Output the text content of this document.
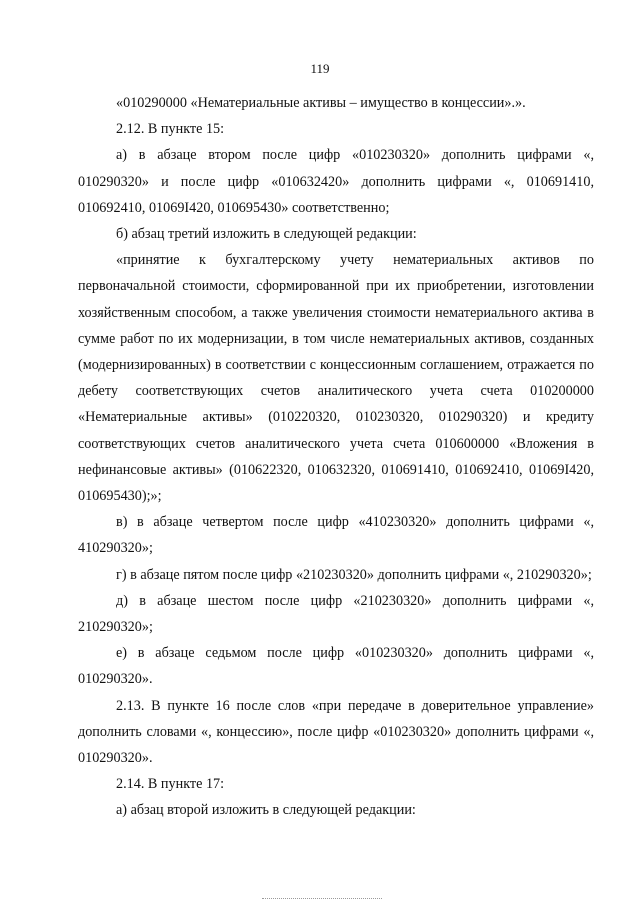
119

«010290000 «Нематериальные активы – имущество в концессии».».

2.12. В пункте 15:

а) в абзаце втором после цифр «010230320» дополнить цифрами «, 010290320» и после цифр «010632420» дополнить цифрами «, 010691410, 010692410, 01069I420, 010695430» соответственно;

б) абзац третий изложить в следующей редакции:

«принятие к бухгалтерскому учету нематериальных активов по первоначальной стоимости, сформированной при их приобретении, изготовлении хозяйственным способом, а также увеличения стоимости нематериального актива в сумме работ по их модернизации, в том числе нематериальных активов, созданных (модернизированных) в соответствии с концессионным соглашением, отражается по дебету соответствующих счетов аналитического учета счета 010200000 «Нематериальные активы» (010220320, 010230320, 010290320) и кредиту соответствующих счетов аналитического учета счета 010600000 «Вложения в нефинансовые активы» (010622320, 010632320, 010691410, 010692410, 01069I420, 010695430);»;

в) в абзаце четвертом после цифр «410230320» дополнить цифрами «, 410290320»;

г) в абзаце пятом после цифр «210230320» дополнить цифрами «, 210290320»;

д) в абзаце шестом после цифр «210230320» дополнить цифрами «, 210290320»;

е) в абзаце седьмом после цифр «010230320» дополнить цифрами «, 010290320».

2.13. В пункте 16 после слов «при передаче в доверительное управление» дополнить словами «, концессию», после цифр «010230320» дополнить цифрами «, 010290320».

2.14. В пункте 17:

а) абзац второй изложить в следующей редакции:
